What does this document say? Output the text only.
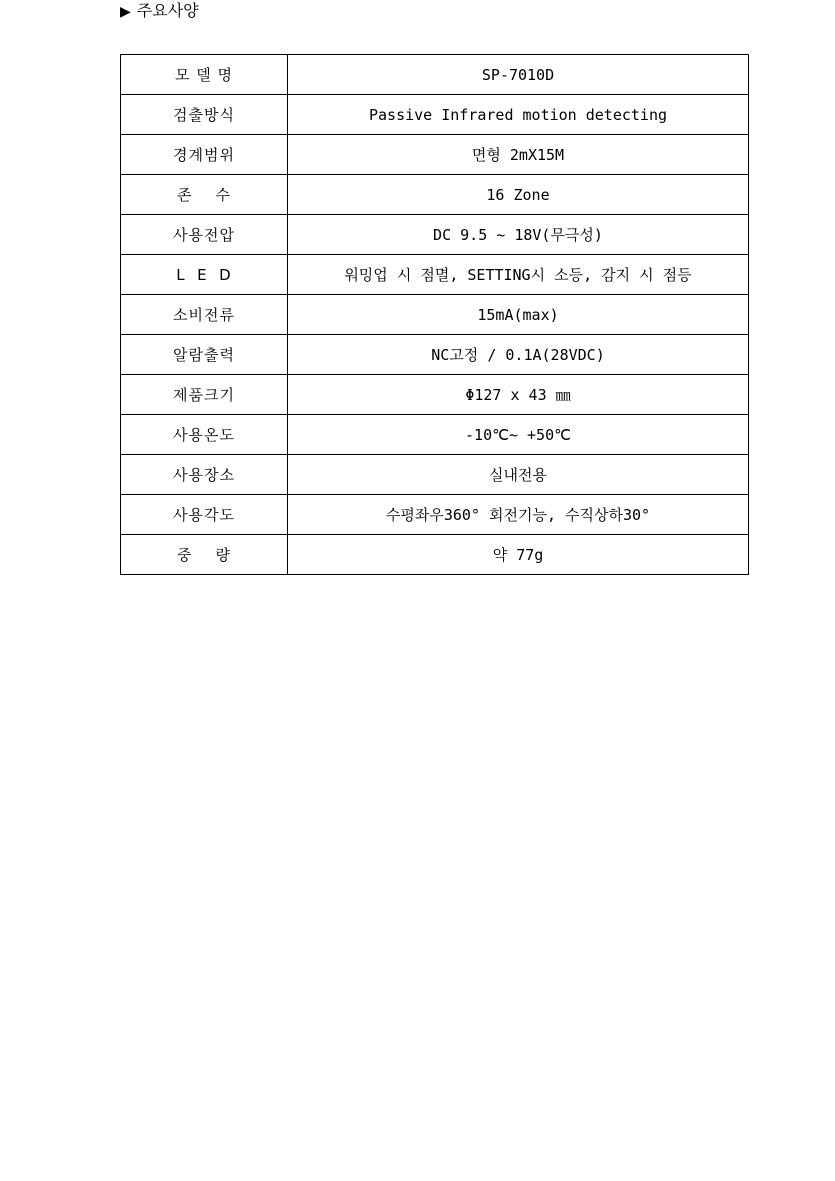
▶ 주요사양
모 델 명	SP-7010D
검출방식	Passive Infrared motion detecting
경계범위	면형 2mX15M
존    수	16 Zone
사용전압	DC 9.5 ~ 18V(무극성)
L  E  D	워밍업 시 점멸, SETTING시 소등, 감지 시 점등
소비전류	15mA(max)
알람출력	NC고정 / 0.1A(28VDC)
제품크기	Φ127 x 43 ㎜
사용온도	-10℃~ +50℃
사용장소	실내전용
사용각도	수평좌우360° 회전기능, 수직상하30°
중    량	약 77g
